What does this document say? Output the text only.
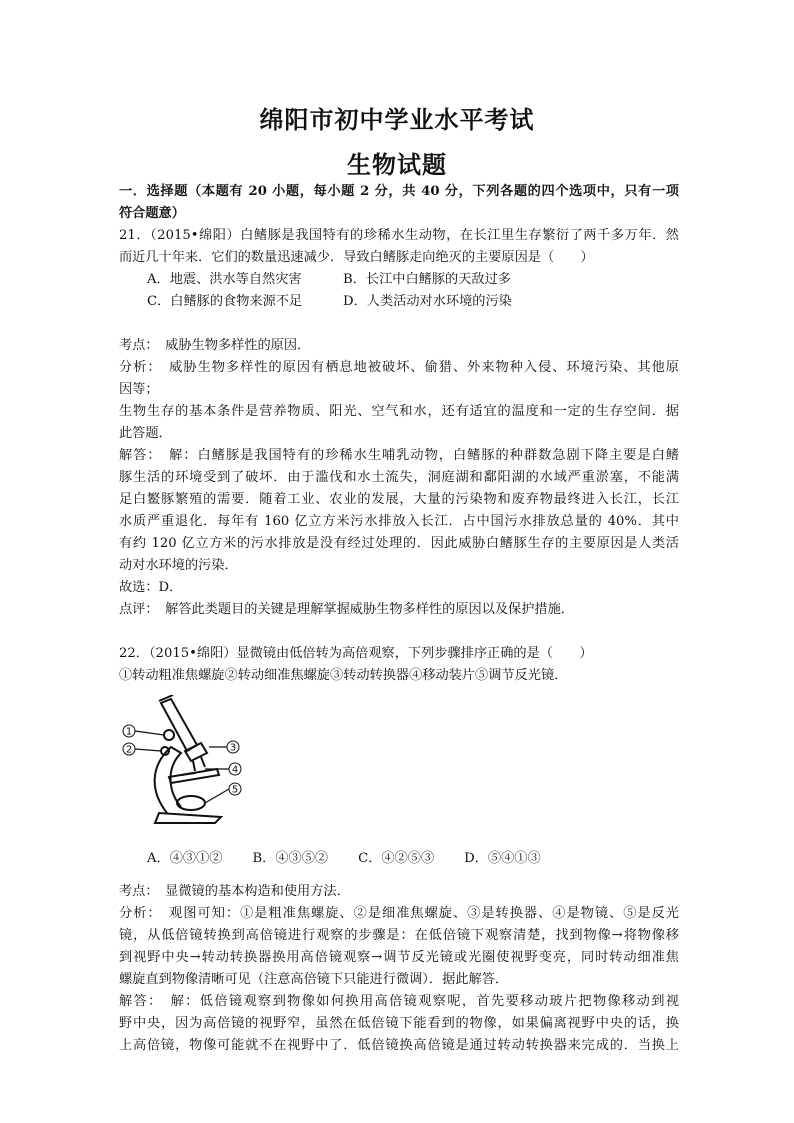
绵阳市初中学业水平考试
生物试题
一．选择题（本题有 20 小题，每小题 2 分，共 40 分，下列各题的四个选项中，只有一项
符合题意）
21．（2015•绵阳）白鳍豚是我国特有的珍稀水生动物，在长江里生存繁衍了两千多万年．然
而近几十年来．它们的数量迅速减少．导致白鳍豚走向绝灭的主要原因是（　　）
A．地震、洪水等自然灾害	B．长江中白鳍豚的天敌过多
C．白鳍豚的食物来源不足	D．人类活动对水环境的污染
考点：　威胁生物多样性的原因．
分析：　威胁生物多样性的原因有栖息地被破坏、偷猎、外来物种入侵、环境污染、其他原
因等；
生物生存的基本条件是营养物质、阳光、空气和水，还有适宜的温度和一定的生存空间．据
此答题．
解答：　解：白鳍豚是我国特有的珍稀水生哺乳动物，白鳍豚的种群数急剧下降主要是白鳍
豚生活的环境受到了破坏．由于滥伐和水土流失，洞庭湖和鄱阳湖的水域严重淤塞，不能满
足白鳘豚繁殖的需要．随着工业、农业的发展，大量的污染物和废弃物最终进入长江，长江
水质严重退化．每年有 160 亿立方米污水排放入长江．占中国污水排放总量的 40%．其中
有约 120 亿立方米的污水排放是没有经过处理的．因此威胁白鳍豚生存的主要原因是人类活
动对水环境的污染．
故选：D．
点评：　解答此类题目的关键是理解掌握威胁生物多样性的原因以及保护措施．
22．（2015•绵阳）显微镜由低倍转为高倍观察，下列步骤排序正确的是（　　）
①转动粗准焦螺旋②转动细准焦螺旋③转动转换器④移动装片⑤调节反光镜．
1
2	3
4
5
A．④③①② B．④③⑤② C．④②⑤③ D．⑤④①③
考点：　显微镜的基本构造和使用方法．
分析：　观图可知：①是粗准焦螺旋、②是细准焦螺旋、③是转换器、④是物镜、⑤是反光
镜，从低倍镜转换到高倍镜进行观察的步骤是：在低倍镜下观察清楚，找到物像→将物像移
到视野中央→转动转换器换用高倍镜观察→调节反光镜或光圈使视野变亮，同时转动细准焦
螺旋直到物像清晰可见（注意高倍镜下只能进行微调）．据此解答．
解答：　解：低倍镜观察到物像如何换用高倍镜观察呢，首先要移动玻片把物像移动到视
野中央，因为高倍镜的视野窄，虽然在低倍镜下能看到的物像，如果偏离视野中央的话，换
上高倍镜，物像可能就不在视野中了．低倍镜换高倍镜是通过转动转换器来完成的．当换上
